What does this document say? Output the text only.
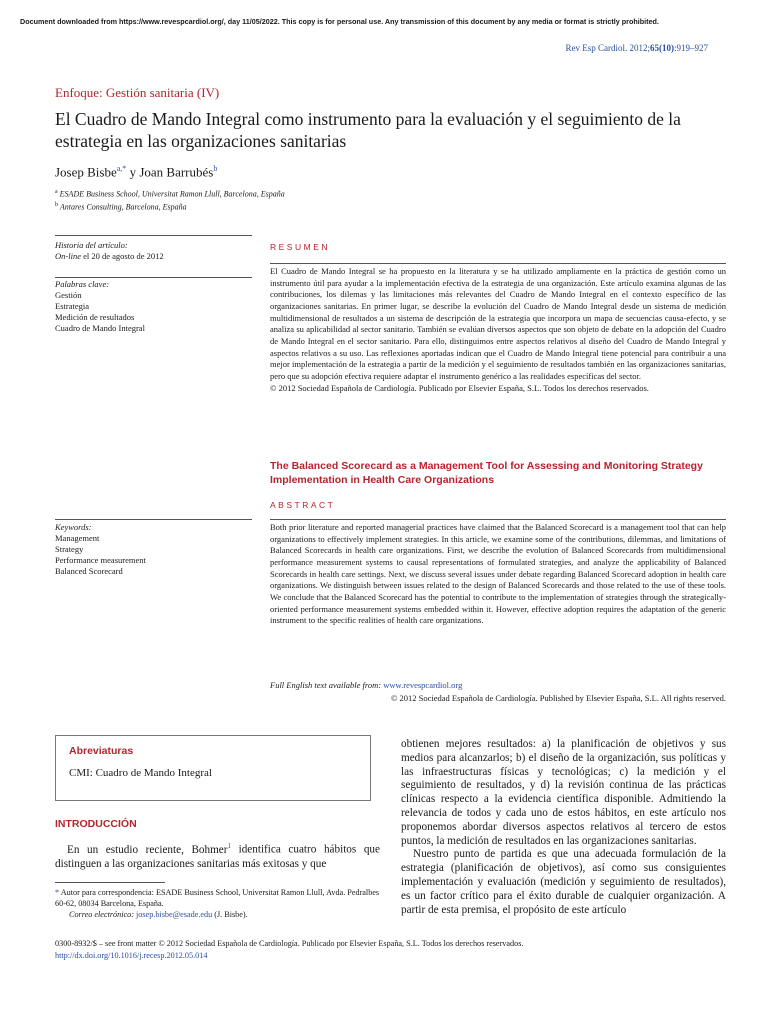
Document downloaded from https://www.revespcardiol.org/, day 11/05/2022. This copy is for personal use. Any transmission of this document by any media or format is strictly prohibited.
Rev Esp Cardiol. 2012;65(10):919–927
Enfoque: Gestión sanitaria (IV)
El Cuadro de Mando Integral como instrumento para la evaluación y el seguimiento de la estrategia en las organizaciones sanitarias
Josep Bisbe$^{a,*}$ y Joan Barrubés$^b$
$^a$ ESADE Business School, Universitat Ramon Llull, Barcelona, España
$^b$ Antares Consulting, Barcelona, España
Historia del artículo:
On-line el 20 de agosto de 2012
Palabras clave:
Gestión
Estrategia
Medición de resultados
Cuadro de Mando Integral
RESUMEN
El Cuadro de Mando Integral se ha propuesto en la literatura y se ha utilizado ampliamente en la práctica de gestión como un instrumento útil para ayudar a la implementación efectiva de la estrategia de una organización. Este artículo examina algunas de las contribuciones, los dilemas y las limitaciones más relevantes del Cuadro de Mando Integral en el contexto específico de las organizaciones sanitarias. En primer lugar, se describe la evolución del Cuadro de Mando Integral desde un sistema de medición multidimensional de resultados a un sistema de descripción de la estrategia que incorpora un mapa de secuencias causa-efecto, y se analiza su aplicabilidad al sector sanitario. También se evalúan diversos aspectos que son objeto de debate en la adopción del Cuadro de Mando Integral en el sector sanitario. Para ello, distinguimos entre aspectos relativos al diseño del Cuadro de Mando Integral y aspectos relativos a su uso. Las reflexiones aportadas indican que el Cuadro de Mando Integral tiene potencial para contribuir a una mejor implementación de la estrategia a partir de la medición y el seguimiento de resultados también en las organizaciones sanitarias, pero que su adopción efectiva requiere adaptar el instrumento genérico a las realidades específicas del sector.
© 2012 Sociedad Española de Cardiología. Publicado por Elsevier España, S.L. Todos los derechos reservados.
The Balanced Scorecard as a Management Tool for Assessing and Monitoring Strategy Implementation in Health Care Organizations
ABSTRACT
Keywords:
Management
Strategy
Performance measurement
Balanced Scorecard
Both prior literature and reported managerial practices have claimed that the Balanced Scorecard is a management tool that can help organizations to effectively implement strategies. In this article, we examine some of the contributions, dilemmas, and limitations of Balanced Scorecards in health care organizations. First, we describe the evolution of Balanced Scorecards from multidimensional performance measurement systems to causal representations of formulated strategies, and analyze the applicability of Balanced Scorecards in health care settings. Next, we discuss several issues under debate regarding Balanced Scorecard adoption in health care organizations. We distinguish between issues related to the design of Balanced Scorecards and those related to the use of these tools. We conclude that the Balanced Scorecard has the potential to contribute to the implementation of strategies through the strategically-oriented performance measurement systems embedded within it. However, effective adoption requires the adaptation of the generic instrument to the specific realities of health care organizations.
Full English text available from: www.revespcardiol.org
© 2012 Sociedad Española de Cardiología. Published by Elsevier España, S.L. All rights reserved.
Abreviaturas
CMI: Cuadro de Mando Integral
INTRODUCCIÓN
En un estudio reciente, Bohmer$^1$ identifica cuatro hábitos que distinguen a las organizaciones sanitarias más exitosas y que
obtienen mejores resultados: a) la planificación de objetivos y sus medios para alcanzarlos; b) el diseño de la organización, sus políticas y las infraestructuras físicas y tecnológicas; c) la medición y el seguimiento de resultados, y d) la revisión continua de las prácticas clínicas respecto a la evidencia científica disponible. Admitiendo la relevancia de todos y cada uno de estos hábitos, en este artículo nos proponemos abordar diversos aspectos relativos al tercero de estos puntos, la medición de resultados en las organizaciones sanitarias.
Nuestro punto de partida es que una adecuada formulación de la estrategia (planificación de objetivos), así como sus consiguientes implementación y evaluación (medición y seguimiento de resultados), es un factor crítico para el éxito durable de cualquier organización. A partir de esta premisa, el propósito de este artículo
* Autor para correspondencia: ESADE Business School, Universitat Ramon Llull, Avda. Pedralbes 60-62, 08034 Barcelona, España.
Correo electrónico: josep.bisbe@esade.edu (J. Bisbe).
0300-8932/$ – see front matter © 2012 Sociedad Española de Cardiología. Publicado por Elsevier España, S.L. Todos los derechos reservados.
http://dx.doi.org/10.1016/j.recesp.2012.05.014
